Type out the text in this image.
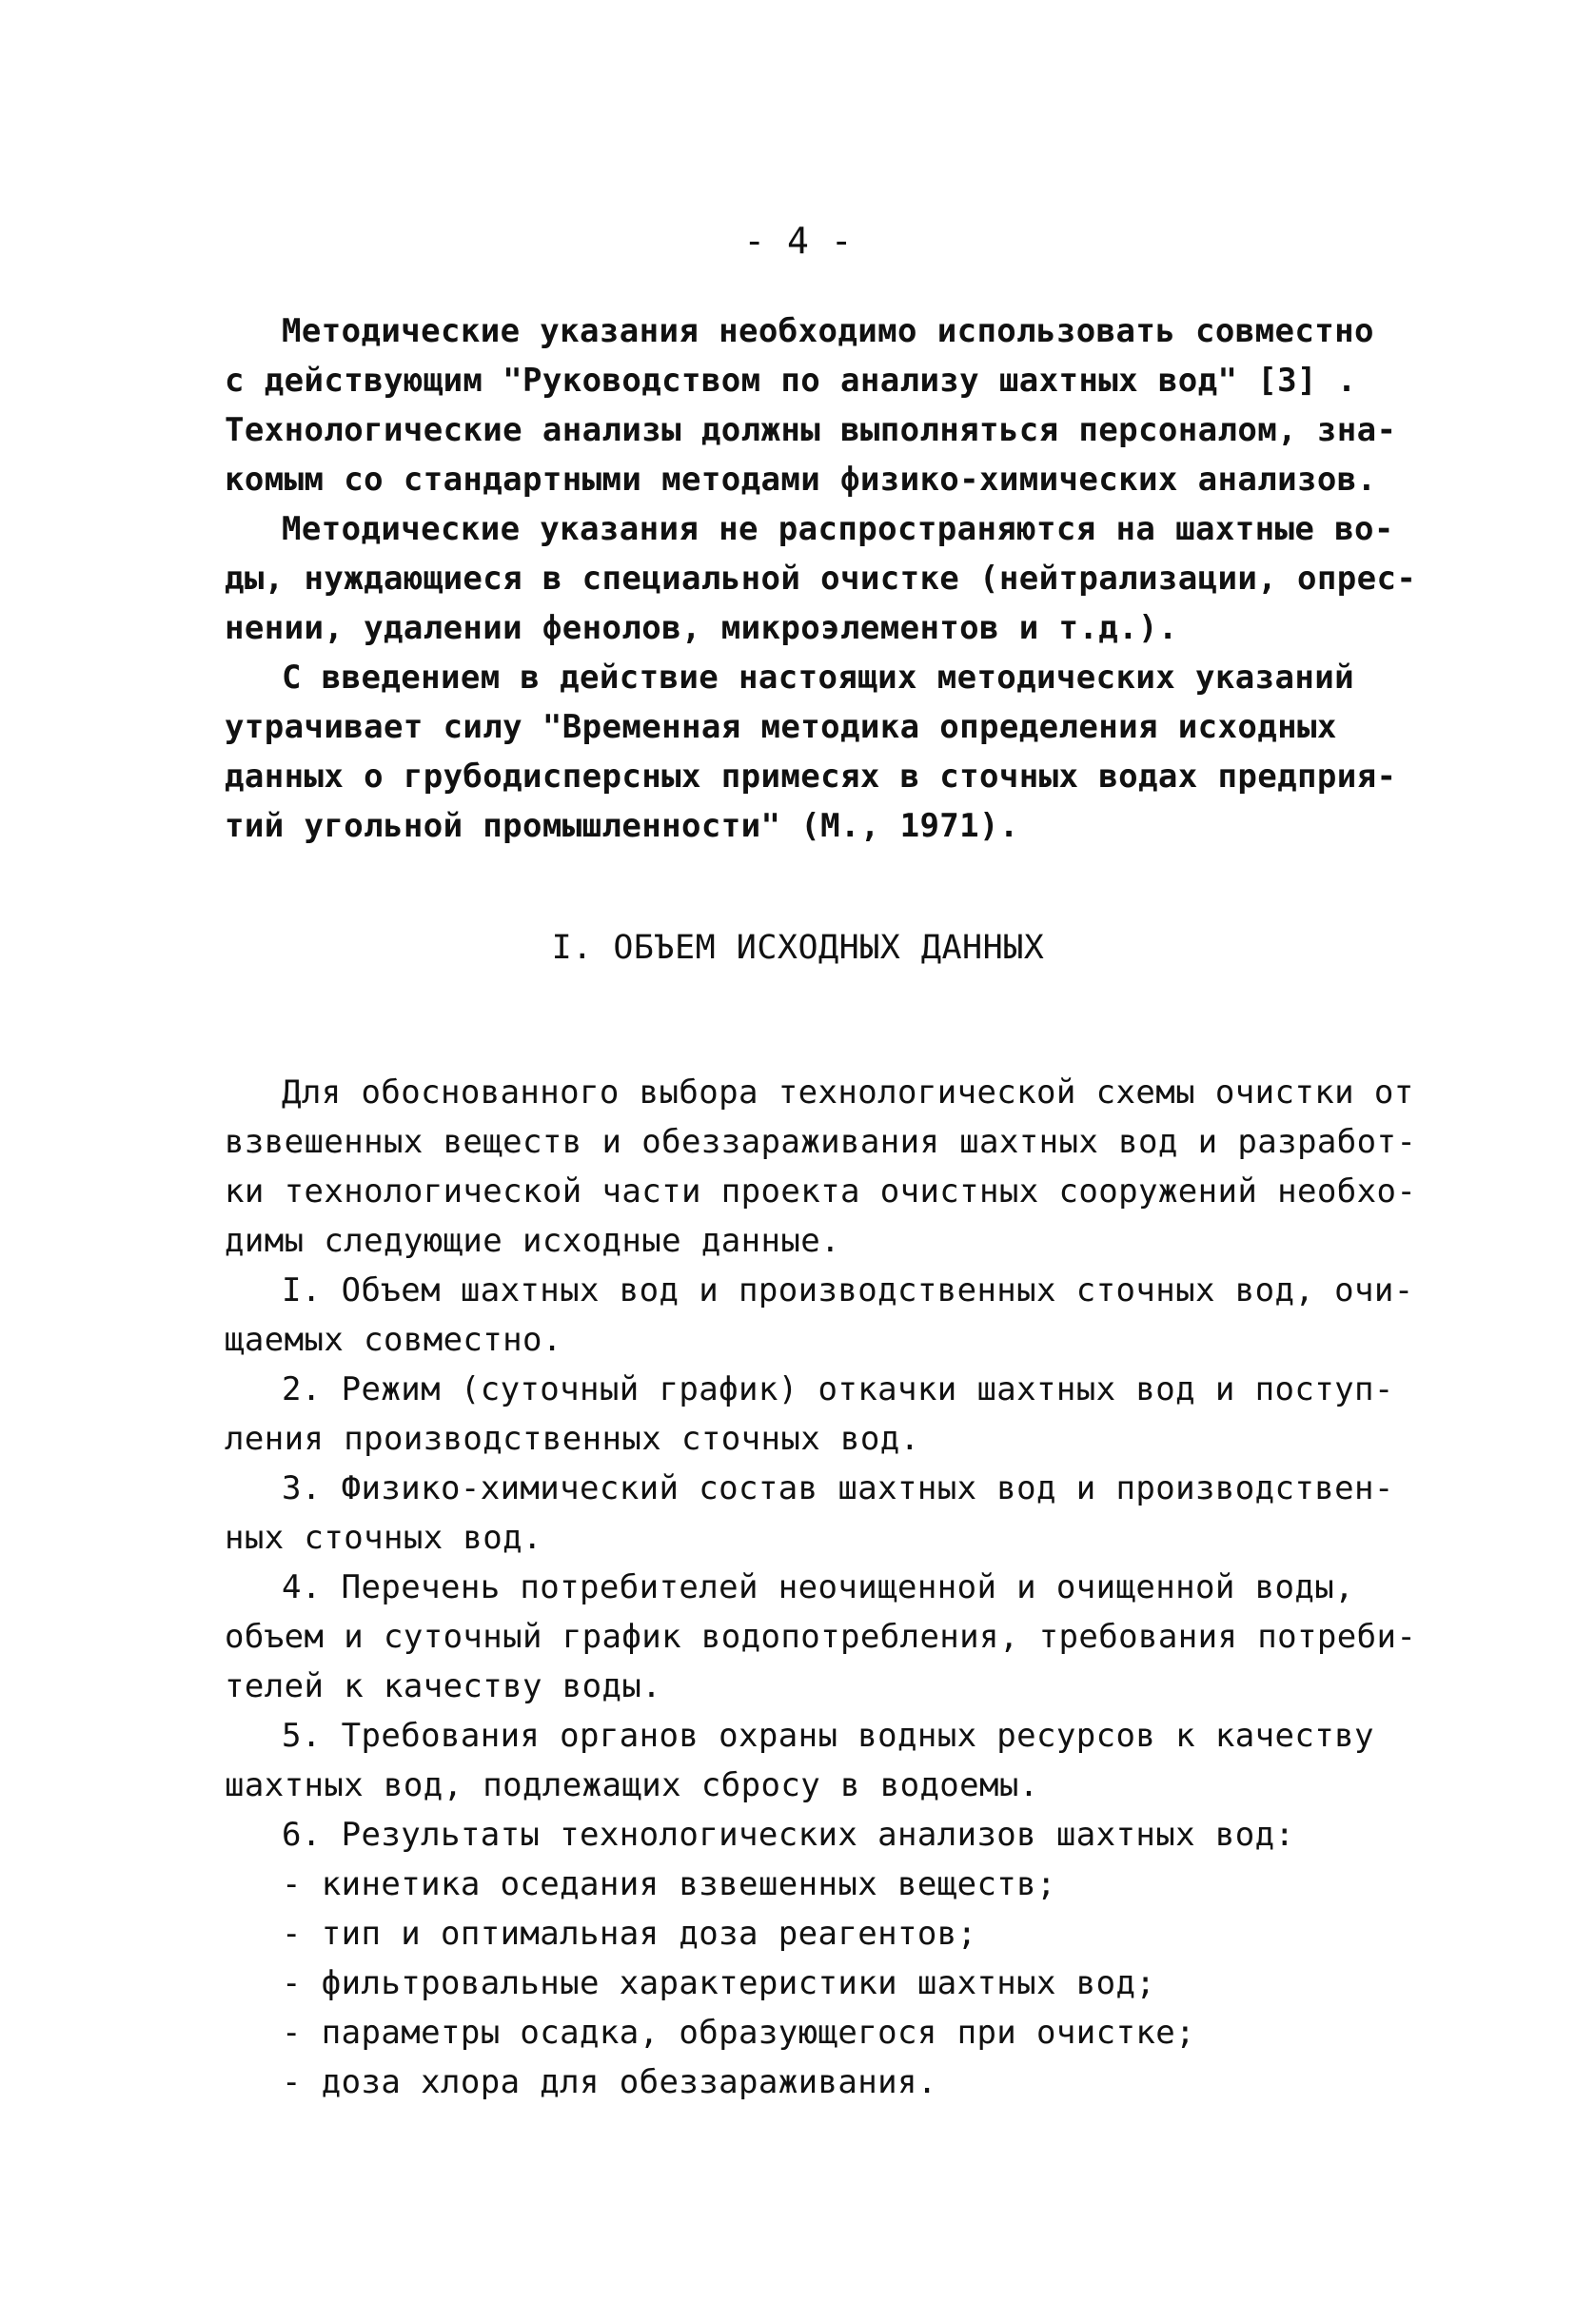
- 4 -
Методические указания необходимо использовать совместно
с действующим "Руководством по анализу шахтных вод" [3] .
Технологические анализы должны выполняться персоналом, зна-
комым со стандартными методами физико-химических анализов.
Методические указания не распространяются на шахтные во-
ды, нуждающиеся в специальной очистке (нейтрализации, опрес-
нении, удалении фенолов, микроэлементов и т.д.).
С введением в действие настоящих методических указаний
утрачивает силу "Временная методика определения исходных
данных о грубодисперсных примесях в сточных водах предприя-
тий угольной промышленности" (М., 1971).
I. ОБЪЕМ ИСХОДНЫХ ДАННЫХ
Для обоснованного выбора технологической схемы очистки от
взвешенных веществ и обеззараживания шахтных вод и разработ-
ки технологической части проекта очистных сооружений необхо-
димы следующие исходные данные.
I. Объем шахтных вод и производственных сточных вод, очи-
щаемых совместно.
2. Режим (суточный график) откачки шахтных вод и поступ-
ления производственных сточных вод.
3. Физико-химический состав шахтных вод и производствен-
ных сточных вод.
4. Перечень потребителей неочищенной и очищенной воды,
объем и суточный график водопотребления, требования потреби-
телей к качеству воды.
5. Требования органов охраны водных ресурсов к качеству
шахтных вод, подлежащих сбросу в водоемы.
6. Результаты технологических анализов шахтных вод:
- кинетика оседания взвешенных веществ;
- тип и оптимальная доза реагентов;
- фильтровальные характеристики шахтных вод;
- параметры осадка, образующегося при очистке;
- доза хлора для обеззараживания.
